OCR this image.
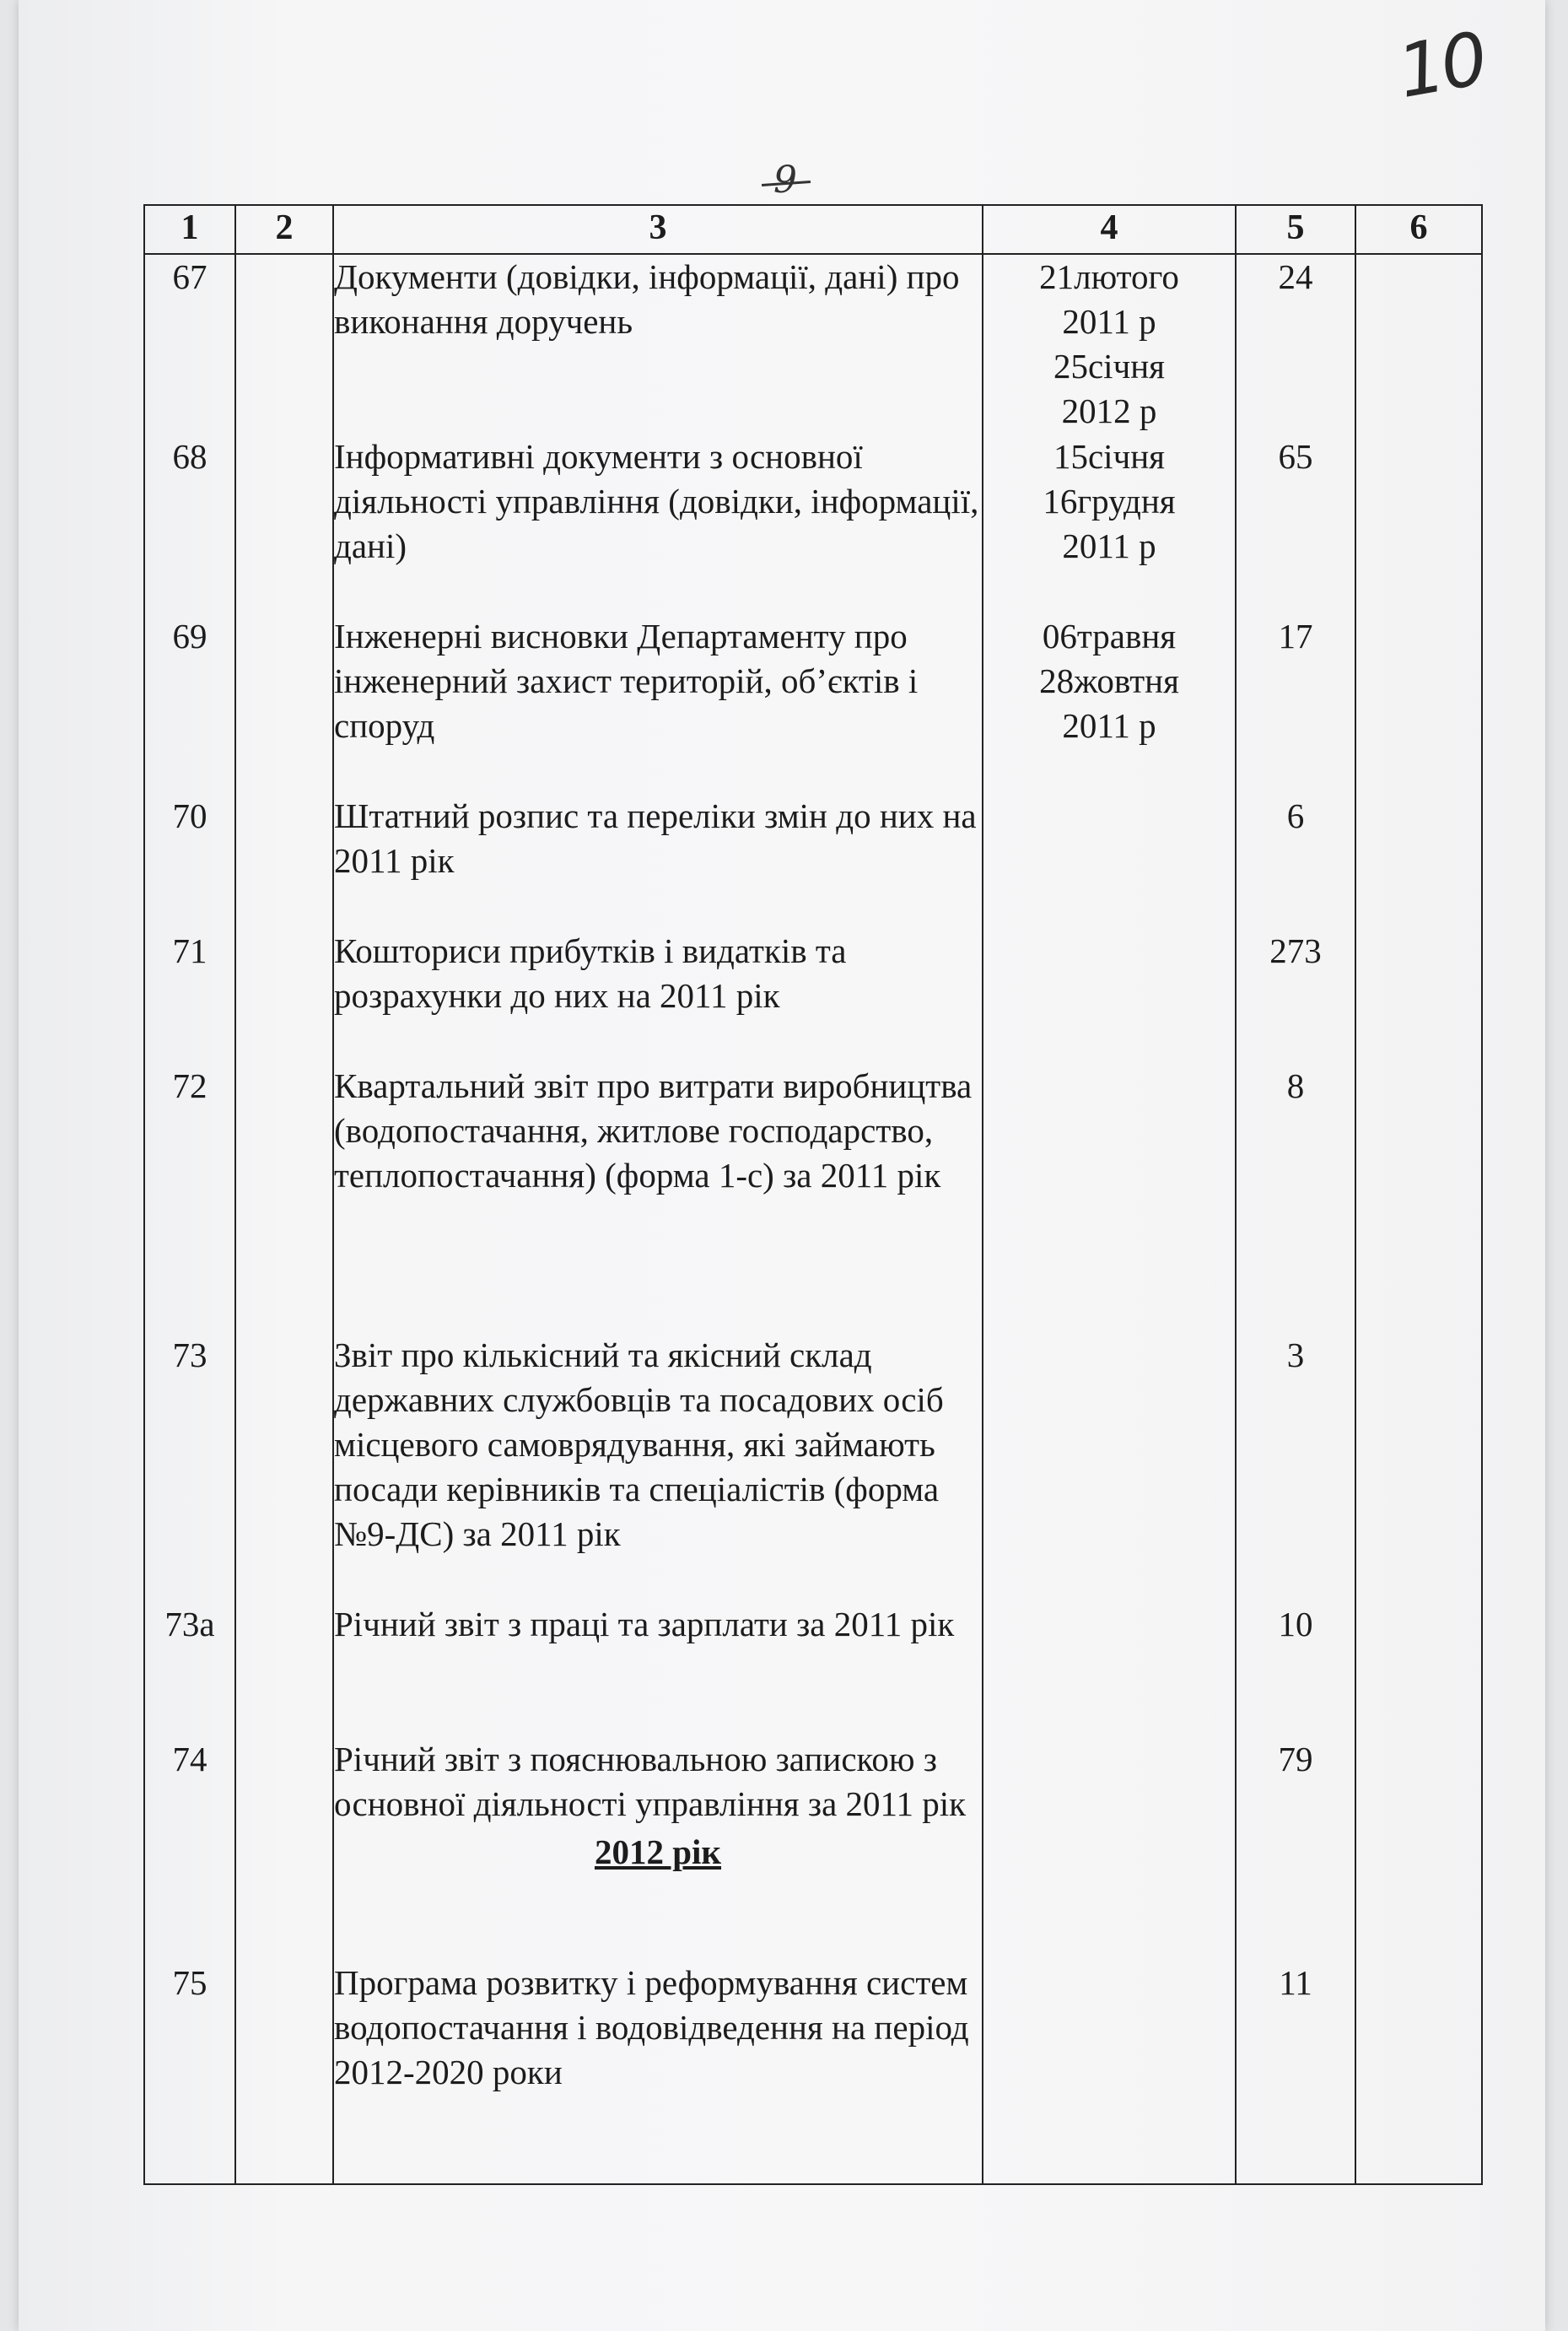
10
9
1	2	3	4	5	6
67		Документи (довідки, інформації, дані) про виконання доручень	21лютого
2011 р
25січня
2012 р	24	
68		Інформативні документи з основної діяльності управління (довідки, інформації, дані)	15січня
16грудня
2011 р	65	
69		Інженерні висновки Департаменту про інженерний захист територій, об’єктів і споруд	06травня
28жовтня
2011 р	17	
70		Штатний розпис та переліки змін до них на 2011 рік		6	
71		Кошториси прибутків і видатків та розрахунки до них на 2011 рік		273	
72		Квартальний звіт про витрати виробництва (водопостачання, житлове господарство, теплопостачання) (форма 1-с) за 2011 рік		8	
73		Звіт про кількісний та якісний склад державних службовців та посадових осіб місцевого самоврядування, які займають посади керівників та спеціалістів (форма №9-ДС) за 2011 рік		3	
73а		Річний звіт з праці та зарплати за 2011 рік		10	
74		Річний звіт з пояснювальною запискою з основної діяльності управління за 2011 рік
2012 рік		79	
75		Програма розвитку і реформування систем водопостачання і водовідведення на період 2012-2020 роки		11	
